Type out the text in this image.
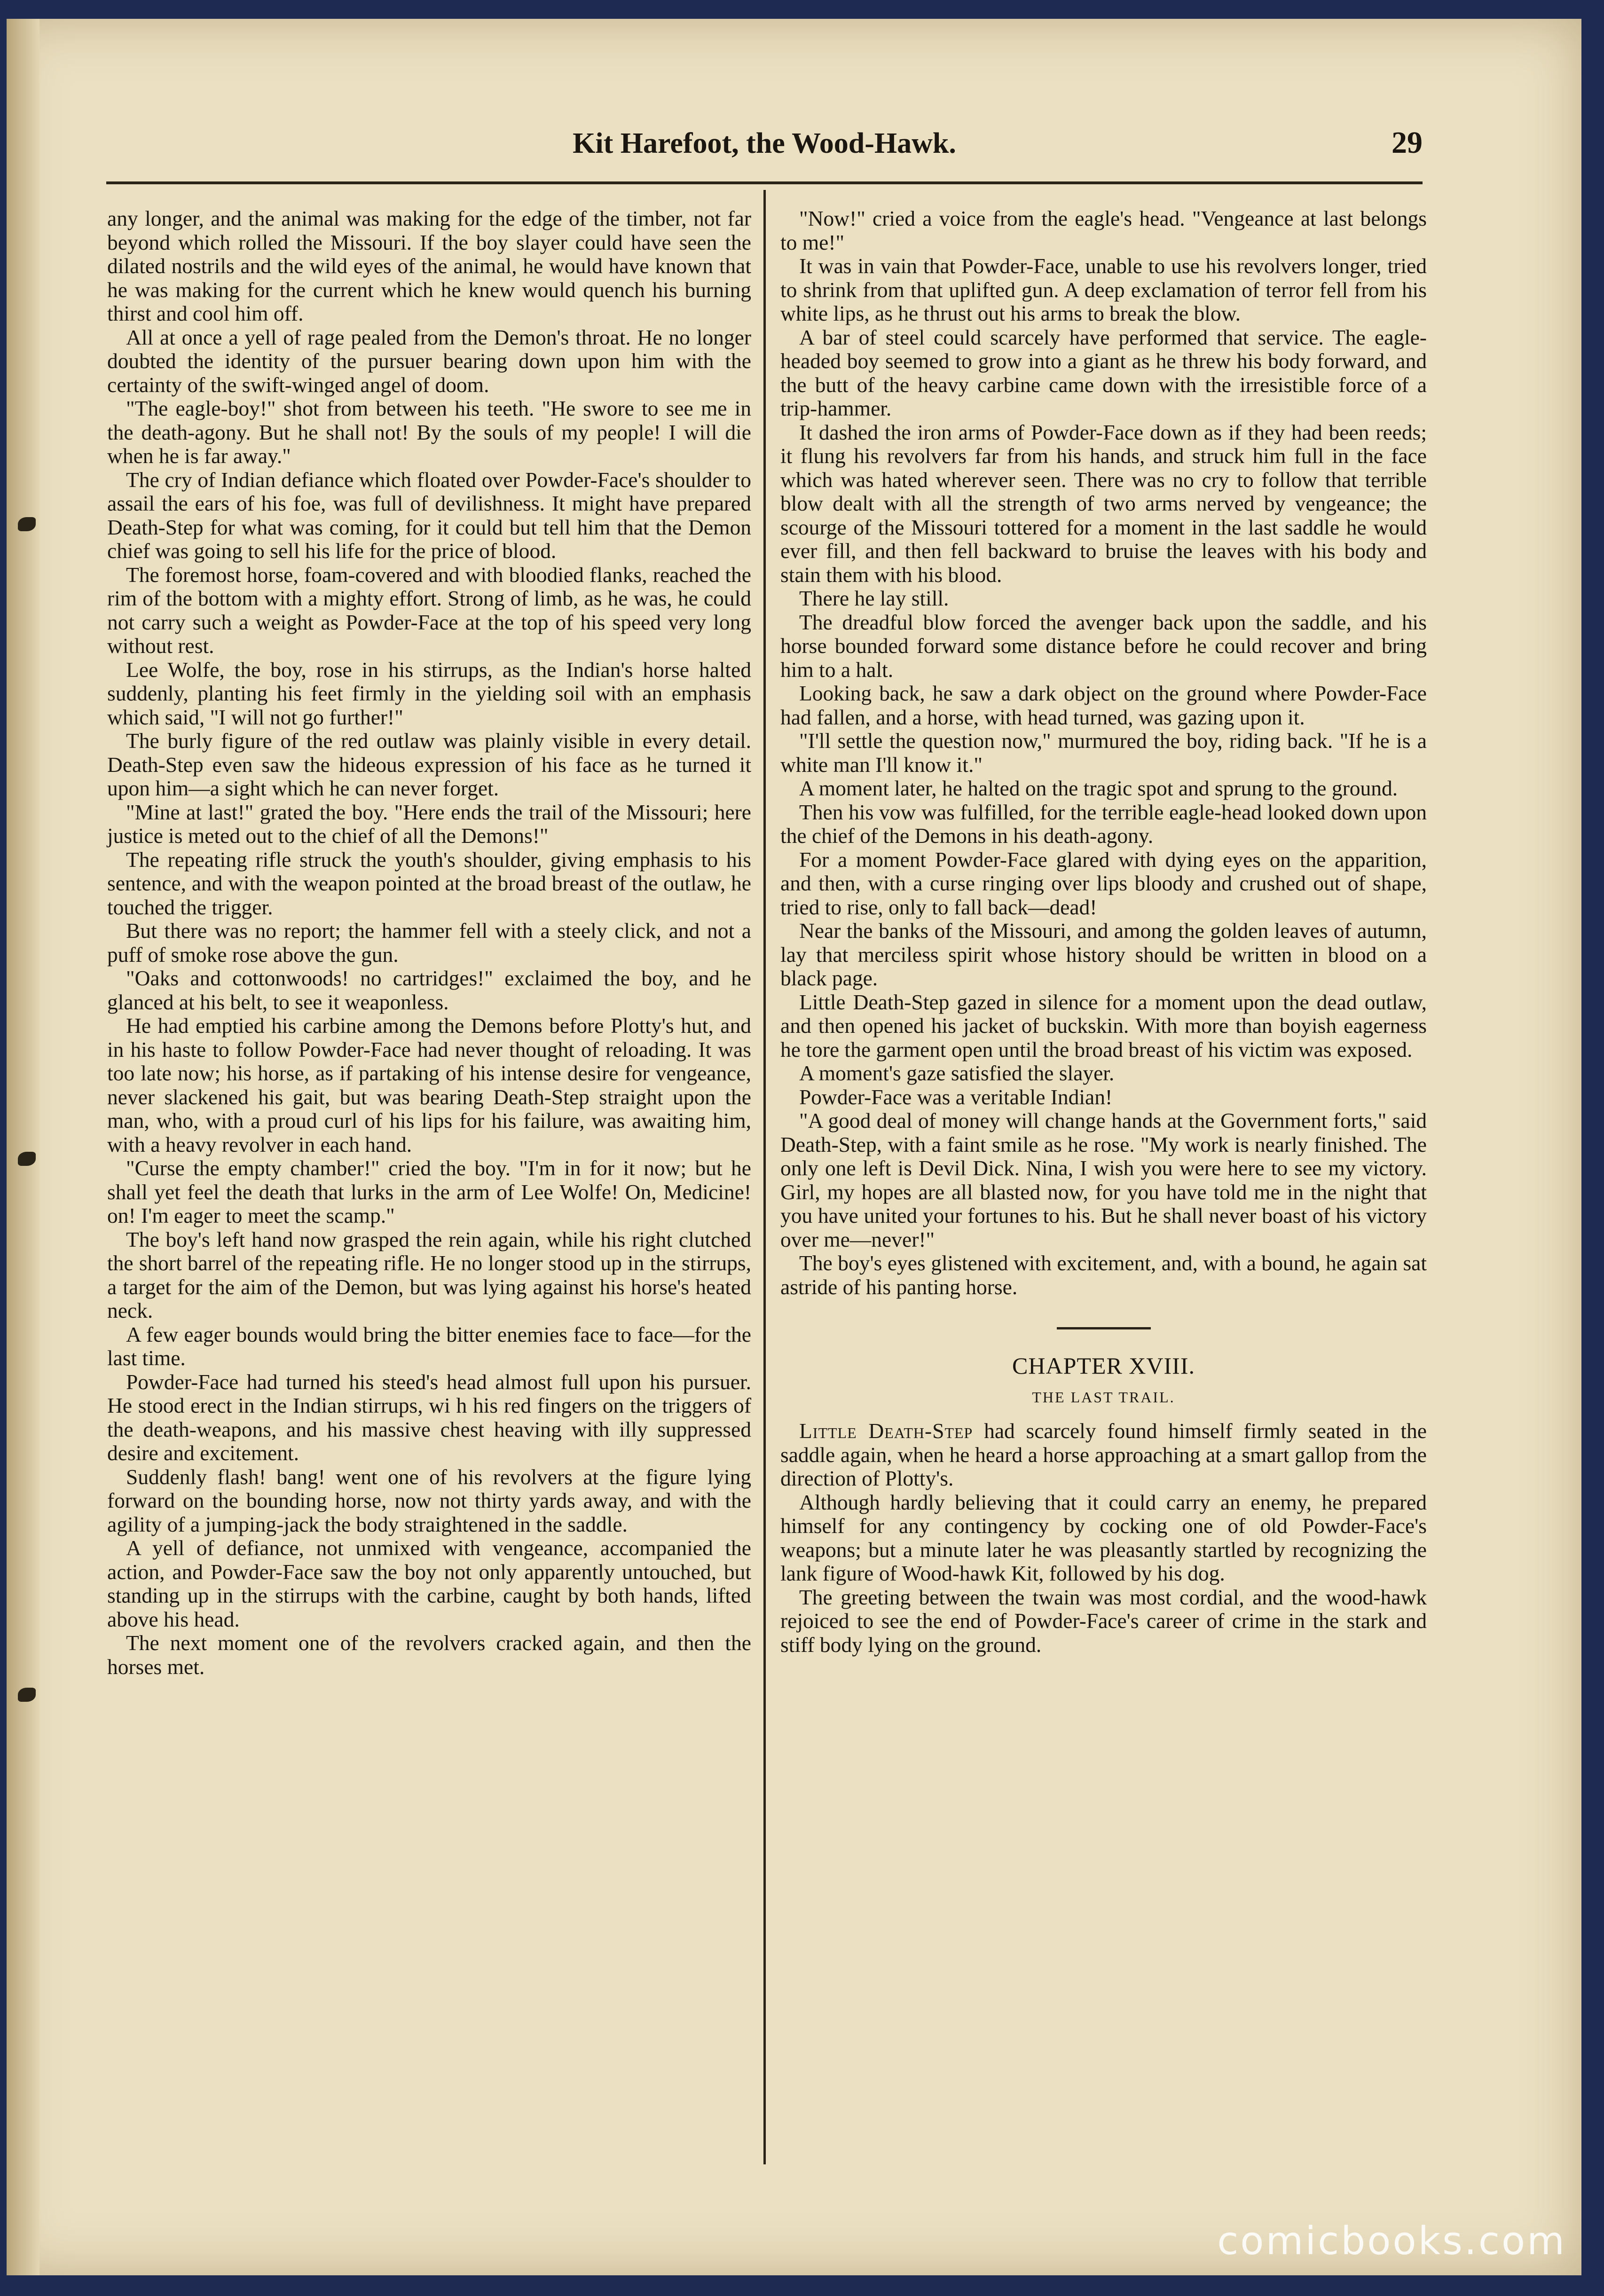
Kit Harefoot, the Wood-Hawk.	29

any longer, and the animal was making for the edge of the timber, not far beyond which rolled the Missouri. If the boy slayer could have seen the dilated nostrils and the wild eyes of the animal, he would have known that he was making for the current which he knew would quench his burning thirst and cool him off.

All at once a yell of rage pealed from the Demon's throat. He no longer doubted the identity of the pursuer bearing down upon him with the certainty of the swift-winged angel of doom.

"The eagle-boy!" shot from between his teeth. "He swore to see me in the death-agony. But he shall not! By the souls of my people! I will die when he is far away."

The cry of Indian defiance which floated over Powder-Face's shoulder to assail the ears of his foe, was full of devilishness. It might have prepared Death-Step for what was coming, for it could but tell him that the Demon chief was going to sell his life for the price of blood.

The foremost horse, foam-covered and with bloodied flanks, reached the rim of the bottom with a mighty effort. Strong of limb, as he was, he could not carry such a weight as Powder-Face at the top of his speed very long without rest.

Lee Wolfe, the boy, rose in his stirrups, as the Indian's horse halted suddenly, planting his feet firmly in the yielding soil with an emphasis which said, "I will not go further!"

The burly figure of the red outlaw was plainly visible in every detail. Death-Step even saw the hideous expression of his face as he turned it upon him—a sight which he can never forget.

"Mine at last!" grated the boy. "Here ends the trail of the Missouri; here justice is meted out to the chief of all the Demons!"

The repeating rifle struck the youth's shoulder, giving emphasis to his sentence, and with the weapon pointed at the broad breast of the outlaw, he touched the trigger.

But there was no report; the hammer fell with a steely click, and not a puff of smoke rose above the gun.

"Oaks and cottonwoods! no cartridges!" exclaimed the boy, and he glanced at his belt, to see it weaponless.

He had emptied his carbine among the Demons before Plotty's hut, and in his haste to follow Powder-Face had never thought of reloading. It was too late now; his horse, as if partaking of his intense desire for vengeance, never slackened his gait, but was bearing Death-Step straight upon the man, who, with a proud curl of his lips for his failure, was awaiting him, with a heavy revolver in each hand.

"Curse the empty chamber!" cried the boy. "I'm in for it now; but he shall yet feel the death that lurks in the arm of Lee Wolfe! On, Medicine! on! I'm eager to meet the scamp."

The boy's left hand now grasped the rein again, while his right clutched the short barrel of the repeating rifle. He no longer stood up in the stirrups, a target for the aim of the Demon, but was lying against his horse's heated neck.

A few eager bounds would bring the bitter enemies face to face—for the last time.

Powder-Face had turned his steed's head almost full upon his pursuer. He stood erect in the Indian stirrups, wi h his red fingers on the triggers of the death-weapons, and his massive chest heaving with illy suppressed desire and excitement.

Suddenly flash! bang! went one of his revolvers at the figure lying forward on the bounding horse, now not thirty yards away, and with the agility of a jumping-jack the body straightened in the saddle.

A yell of defiance, not unmixed with vengeance, accompanied the action, and Powder-Face saw the boy not only apparently untouched, but standing up in the stirrups with the carbine, caught by both hands, lifted above his head.

The next moment one of the revolvers cracked again, and then the horses met.

"Now!" cried a voice from the eagle's head. "Vengeance at last belongs to me!"

It was in vain that Powder-Face, unable to use his revolvers longer, tried to shrink from that uplifted gun. A deep exclamation of terror fell from his white lips, as he thrust out his arms to break the blow.

A bar of steel could scarcely have performed that service. The eagle-headed boy seemed to grow into a giant as he threw his body forward, and the butt of the heavy carbine came down with the irresistible force of a trip-hammer.

It dashed the iron arms of Powder-Face down as if they had been reeds; it flung his revolvers far from his hands, and struck him full in the face which was hated wherever seen. There was no cry to follow that terrible blow dealt with all the strength of two arms nerved by vengeance; the scourge of the Missouri tottered for a moment in the last saddle he would ever fill, and then fell backward to bruise the leaves with his body and stain them with his blood.

There he lay still.

The dreadful blow forced the avenger back upon the saddle, and his horse bounded forward some distance before he could recover and bring him to a halt.

Looking back, he saw a dark object on the ground where Powder-Face had fallen, and a horse, with head turned, was gazing upon it.

"I'll settle the question now," murmured the boy, riding back. "If he is a white man I'll know it."

A moment later, he halted on the tragic spot and sprung to the ground.

Then his vow was fulfilled, for the terrible eagle-head looked down upon the chief of the Demons in his death-agony.

For a moment Powder-Face glared with dying eyes on the apparition, and then, with a curse ringing over lips bloody and crushed out of shape, tried to rise, only to fall back—dead!

Near the banks of the Missouri, and among the golden leaves of autumn, lay that merciless spirit whose history should be written in blood on a black page.

Little Death-Step gazed in silence for a moment upon the dead outlaw, and then opened his jacket of buckskin. With more than boyish eagerness he tore the garment open until the broad breast of his victim was exposed.

A moment's gaze satisfied the slayer.

Powder-Face was a veritable Indian!

"A good deal of money will change hands at the Government forts," said Death-Step, with a faint smile as he rose. "My work is nearly finished. The only one left is Devil Dick. Nina, I wish you were here to see my victory. Girl, my hopes are all blasted now, for you have told me in the night that you have united your fortunes to his. But he shall never boast of his victory over me—never!"

The boy's eyes glistened with excitement, and, with a bound, he again sat astride of his panting horse.

CHAPTER XVIII.

THE LAST TRAIL.

Little Death-Step had scarcely found himself firmly seated in the saddle again, when he heard a horse approaching at a smart gallop from the direction of Plotty's.

Although hardly believing that it could carry an enemy, he prepared himself for any contingency by cocking one of old Powder-Face's weapons; but a minute later he was pleasantly startled by recognizing the lank figure of Wood-hawk Kit, followed by his dog.

The greeting between the twain was most cordial, and the wood-hawk rejoiced to see the end of Powder-Face's career of crime in the stark and stiff body lying on the ground.

comicbooks.com
